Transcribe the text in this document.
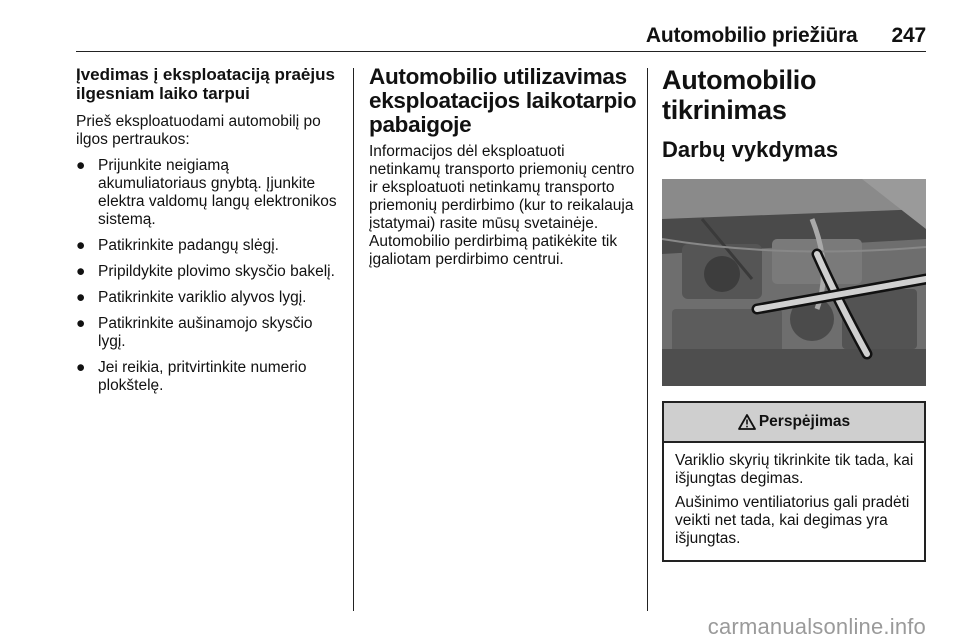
Automobilio priežiūra 247
Įvedimas į eksploataciją praėjus
ilgesniam laiko tarpui
Prieš eksploatuodami automobilį po ilgos pertraukos:
● Prijunkite neigiamą akumuliatoriaus gnybtą. Įjunkite elektra valdomų langų elektronikos sistemą.
● Patikrinkite padangų slėgį.
● Pripildykite plovimo skysčio bakelį.
● Patikrinkite variklio alyvos lygį.
● Patikrinkite aušinamojo skysčio lygį.
● Jei reikia, pritvirtinkite numerio plokštelę.
Automobilio utilizavimas
eksploatacijos laikotarpio
pabaigoje
Informacijos dėl eksploatuoti netinkamų transporto priemonių centro ir eksploatuoti netinkamų transporto priemonių perdirbimo (kur to reikalauja įstatymai) rasite mūsų svetainėje. Automobilio perdirbimą patikėkite tik įgaliotam perdirbimo centrui.
Automobilio tikrinimas
Darbų vykdymas
Perspėjimas
Variklio skyrių tikrinkite tik tada, kai išjungtas degimas.
Aušinimo ventiliatorius gali pradėti veikti net tada, kai degimas yra išjungtas.
carmanualsonline.info
